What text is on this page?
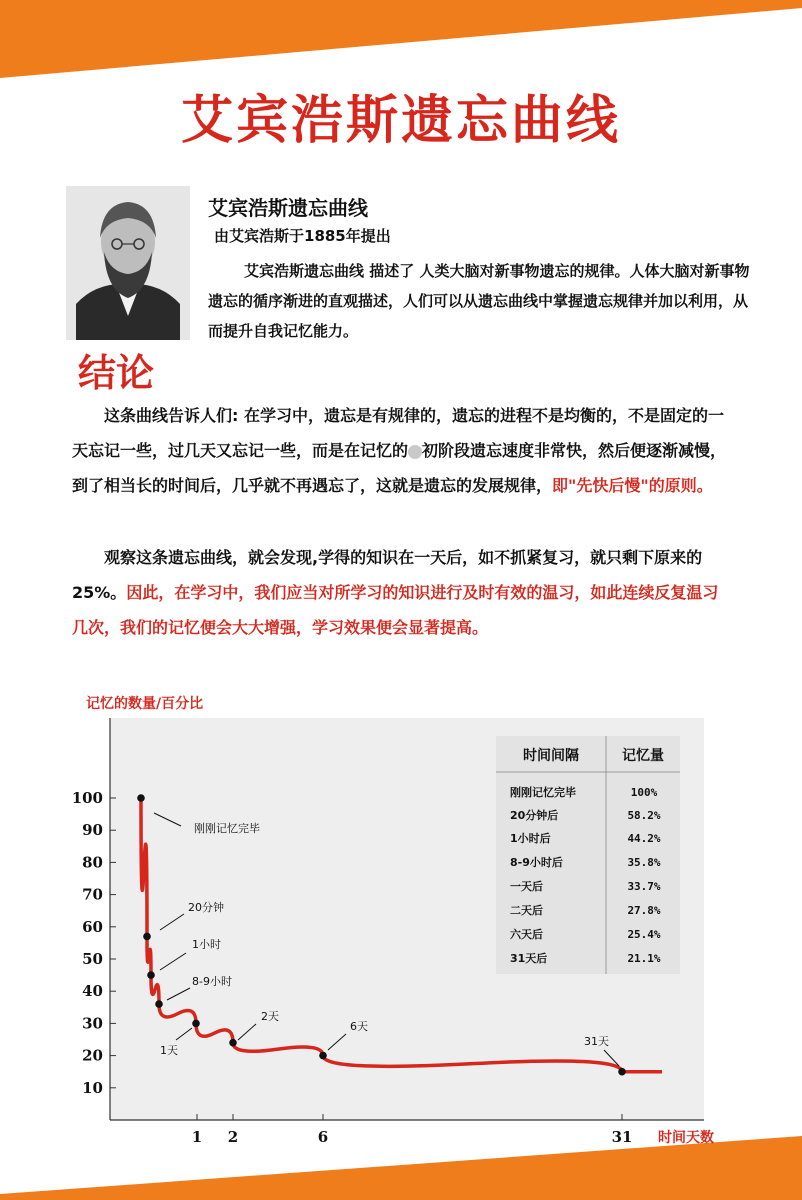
艾宾浩斯遗忘曲线
艾宾浩斯遗忘曲线
由艾宾浩斯于1885年提出

艾宾浩斯遗忘曲线 描述了 人类大脑对新事物遗忘的规律。人体大脑对新事物遗忘的循序渐进的直观描述，人们可以从遗忘曲线中掌握遗忘规律并加以利用，从而提升自我记忆能力。

结论

这条曲线告诉人们: 在学习中，遗忘是有规律的，遗忘的进程不是均衡的，不是固定的一天忘记一些，过几天又忘记一些，而是在记忆的 初阶段遗忘速度非常快，然后便逐渐减慢，到了相当长的时间后，几乎就不再遇忘了，这就是遗忘的发展规律，即"先快后慢"的原则。

观察这条遗忘曲线，就会发现,学得的知识在一天后，如不抓紧复习，就只剩下原来的25%。因此，在学习中，我们应当对所学习的知识进行及时有效的温习，如此连续反复温习几次，我们的记忆便会大大增强，学习效果便会显著提高。

记忆的数量/百分比
时间天数
100
90
80
70
60
50
40
30
20
10
1 2	6	31
刚刚记忆完毕
20分钟
1小时
8-9小时
1天
2天
6天
31天
时间间隔	记忆量
刚刚记忆完毕	100%
20分钟后	58.2%
1小时后	44.2%
8-9小时后	35.8%
一天后	33.7%
二天后	27.8%
六天后	25.4%
31天后	21.1%
